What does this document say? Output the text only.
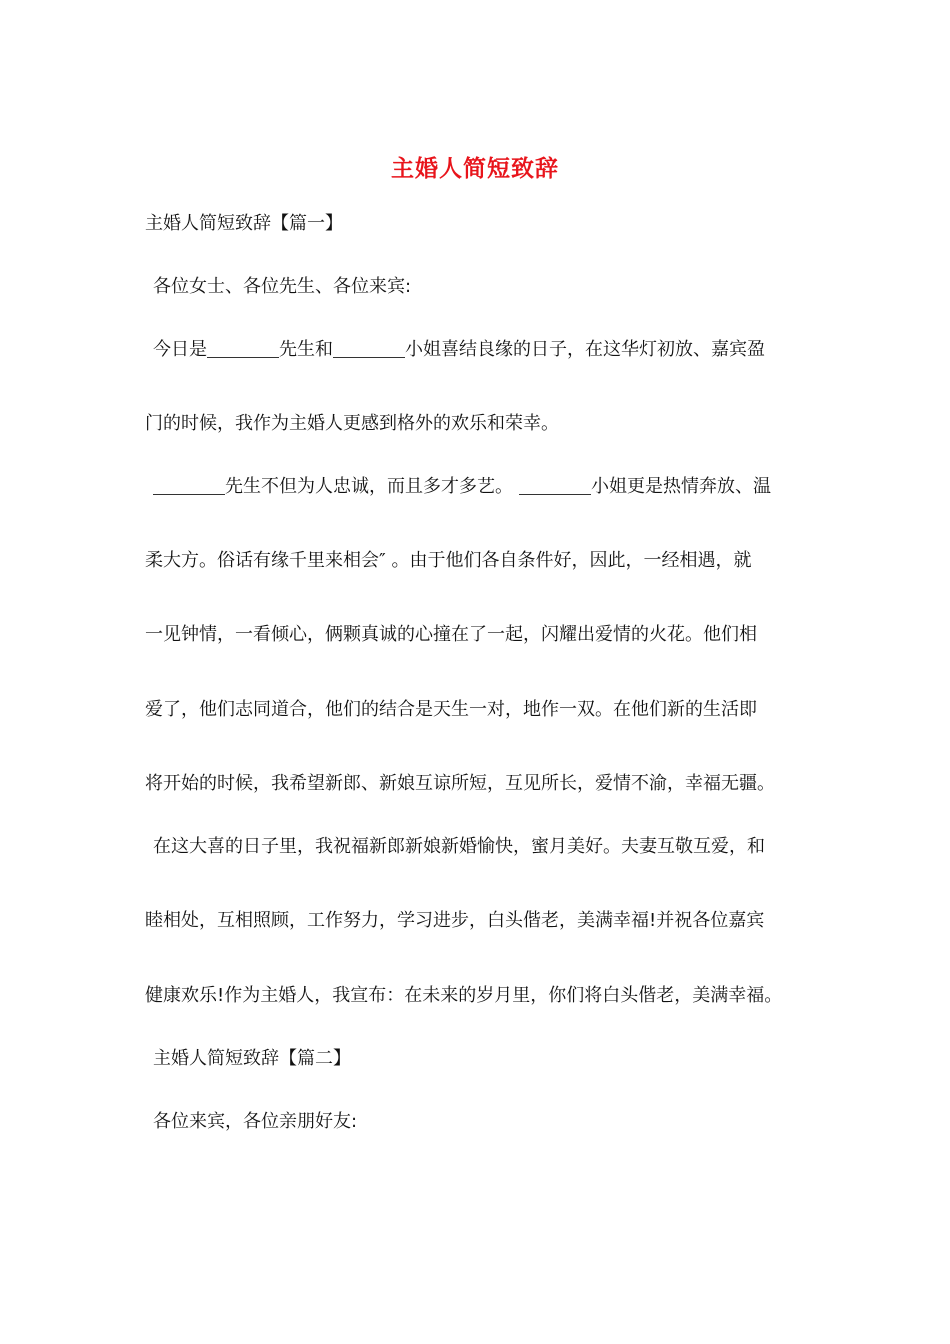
主婚人简短致辞
主婚人简短致辞【篇一】
各位女士、各位先生、各位来宾:
今日是	先生和	小姐喜结良缘的日子，在这华灯初放、嘉宾盈
门的时候，我作为主婚人更感到格外的欢乐和荣幸。
先生不但为人忠诚，而且多才多艺。	小姐更是热情奔放、温
柔大方。俗话有缘千里来相会″ 。由于他们各自条件好，因此，一经相遇，就
一见钟情，一看倾心，俩颗真诚的心撞在了一起，闪耀出爱情的火花。他们相
爱了，他们志同道合，他们的结合是天生一对，地作一双。在他们新的生活即
将开始的时候，我希望新郎、新娘互谅所短，互见所长，爱情不渝，幸福无疆。
在这大喜的日子里，我祝福新郎新娘新婚愉快，蜜月美好。夫妻互敬互爱，和
睦相处，互相照顾，工作努力，学习进步，白头偕老，美满幸福!并祝各位嘉宾
健康欢乐!作为主婚人，我宣布：在未来的岁月里，你们将白头偕老，美满幸福。
主婚人简短致辞【篇二】
各位来宾，各位亲朋好友:
